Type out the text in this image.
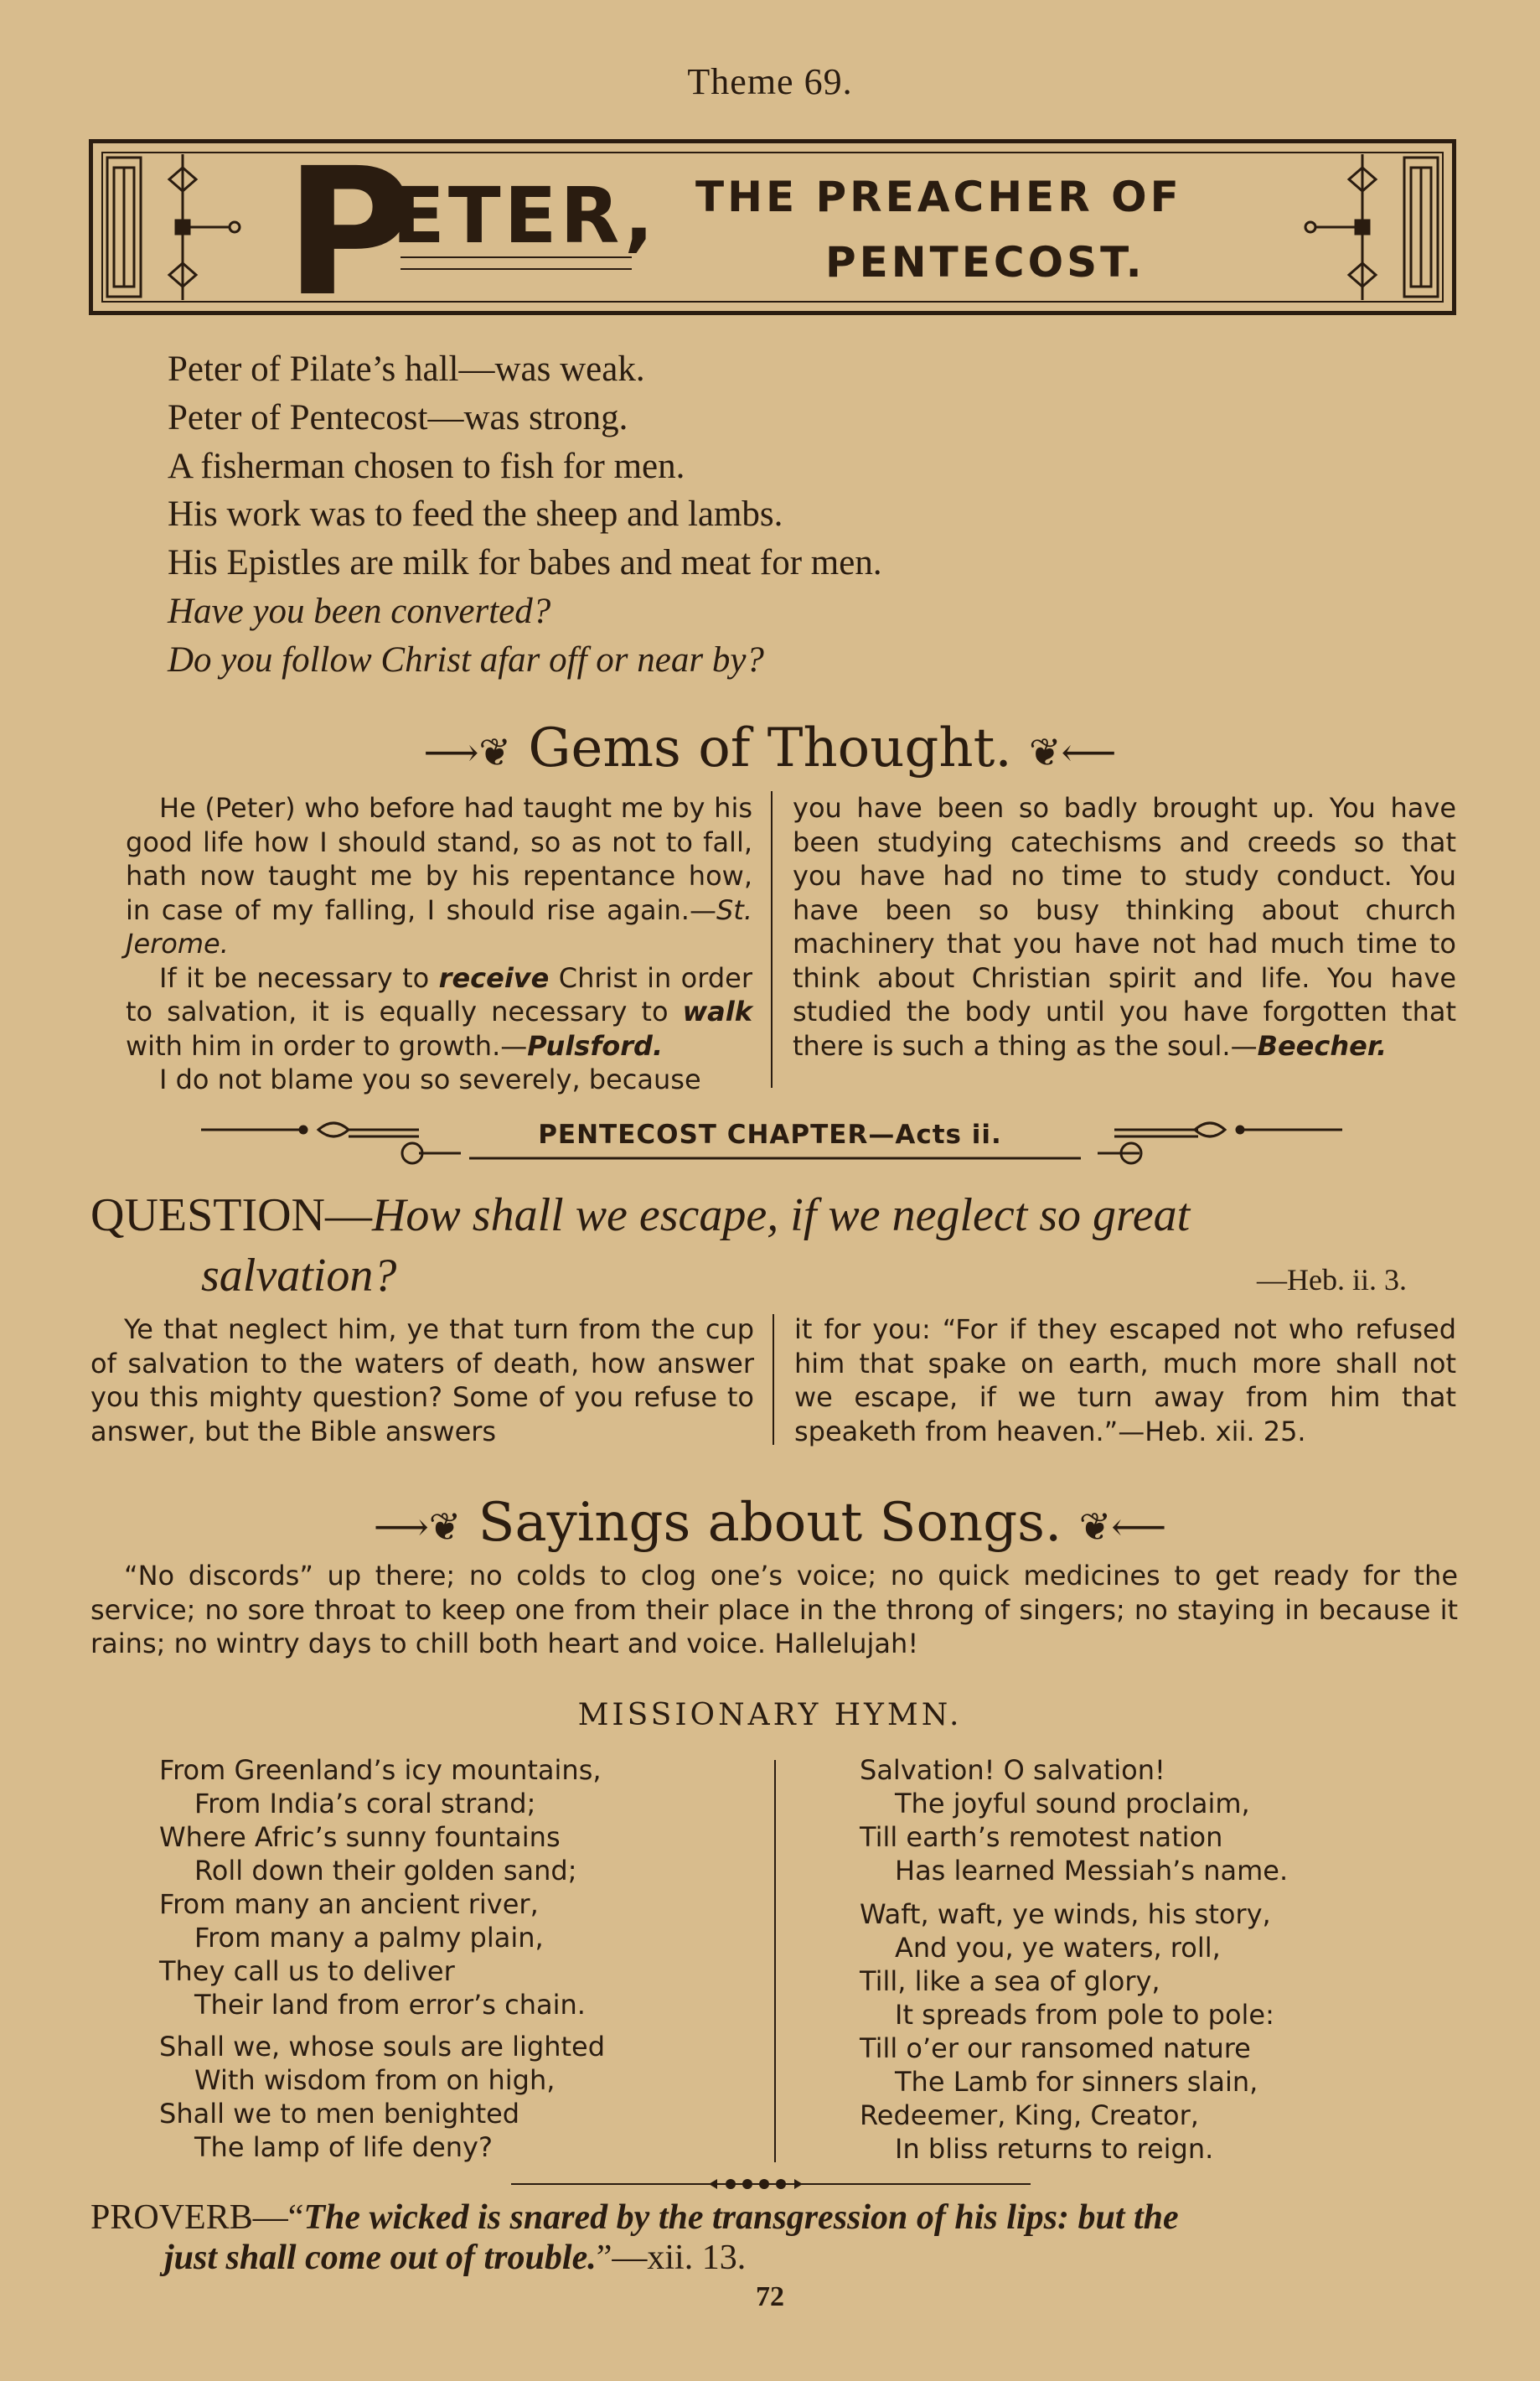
Theme 69.
P
ETER, THE PREACHER OF
PENTECOST.
Peter of Pilate’s hall—was weak.
Peter of Pentecost—was strong.
A fisherman chosen to fish for men.
His work was to feed the sheep and lambs.
His Epistles are milk for babes and meat for men.
Have you been converted?
Do you follow Christ afar off or near by?
⟶❦ Gems of Thought. ❦⟵

He (Peter) who before had taught me by his good life how I should stand, so as not to fall, hath now taught me by his repentance how, in case of my falling, I should rise again.—St. Jerome.

If it be necessary to receive Christ in order to salvation, it is equally necessary to walk with him in order to growth.—Pulsford.

I do not blame you so severely, because

you have been so badly brought up. You have been studying catechisms and creeds so that you have had no time to study conduct. You have been so busy thinking about church machinery that you have not had much time to think about Christian spirit and life. You have studied the body until you have forgotten that there is such a thing as the soul.—Beecher.

PENTECOST CHAPTER—Acts ii.
QUESTION—How shall we escape, if we neglect so great
salvation?	—Heb. ii. 3.

Ye that neglect him, ye that turn from the cup of salvation to the waters of death, how answer you this mighty question? Some of you refuse to answer, but the Bible answers

it for you: “For if they escaped not who refused him that spake on earth, much more shall not we escape, if we turn away from him that speaketh from heaven.”—Heb. xii. 25.

⟶❦ Sayings about Songs. ❦⟵
“No discords” up there; no colds to clog one’s voice; no quick medicines to get ready for the service; no sore throat to keep one from their place in the throng of singers; no staying in because it rains; no wintry days to chill both heart and voice. Hallelujah!
MISSIONARY HYMN.
From Greenland’s icy mountains,
From India’s coral strand;
Where Afric’s sunny fountains
Roll down their golden sand;
From many an ancient river,
From many a palmy plain,
They call us to deliver
Their land from error’s chain.
Shall we, whose souls are lighted
With wisdom from on high,
Shall we to men benighted
The lamp of life deny?
Salvation! O salvation!
The joyful sound proclaim,
Till earth’s remotest nation
Has learned Messiah’s name.
Waft, waft, ye winds, his story,
And you, ye waters, roll,
Till, like a sea of glory,
It spreads from pole to pole:
Till o’er our ransomed nature
The Lamb for sinners slain,
Redeemer, King, Creator,
In bliss returns to reign.
PROVERB—“The wicked is snared by the transgression of his lips: but the
just shall come out of trouble.”—xii. 13.
72
